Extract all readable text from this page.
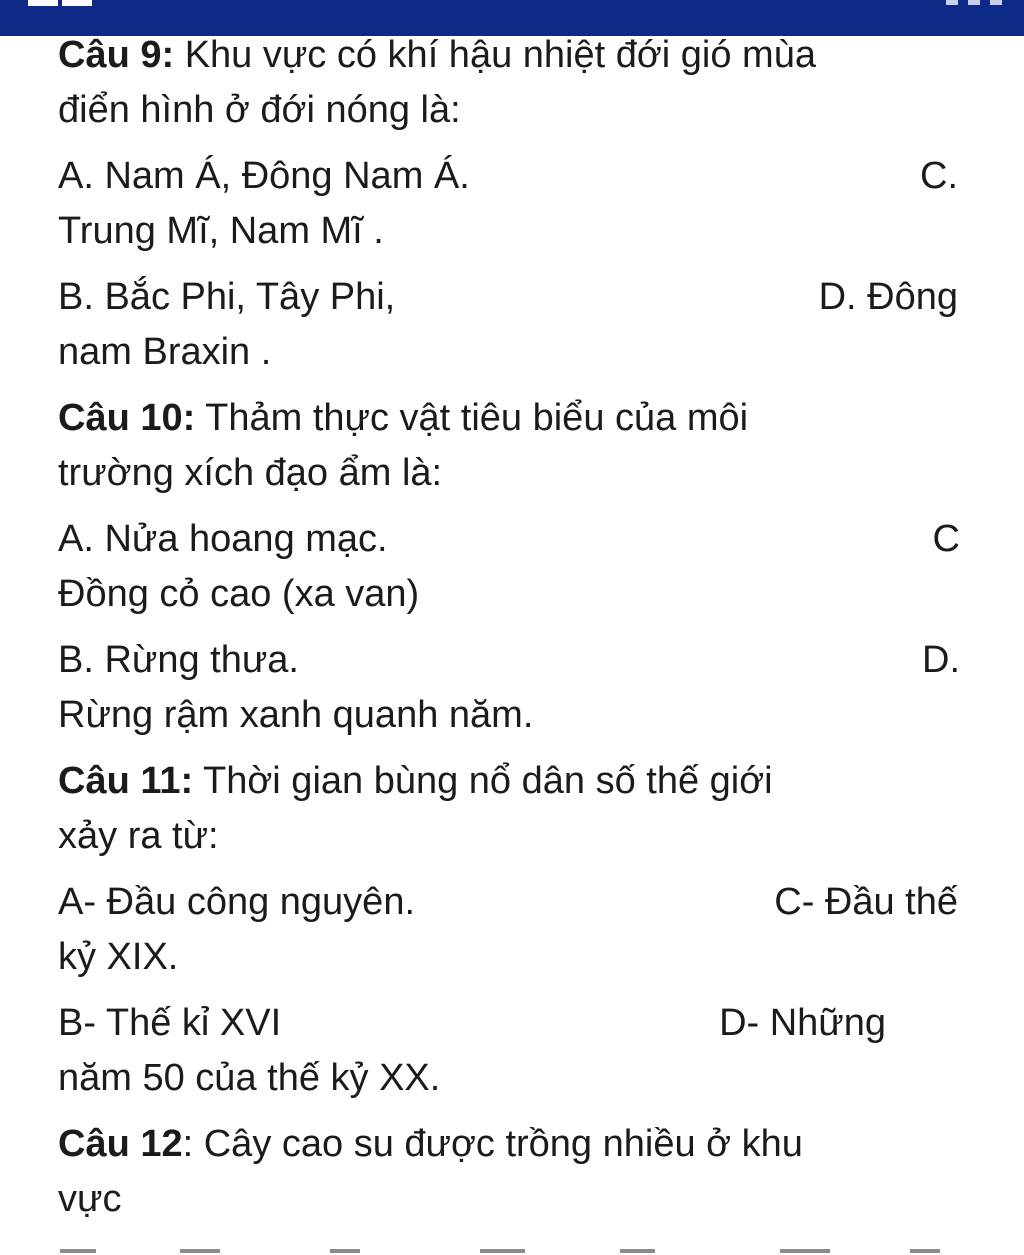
Câu 9: Khu vực có khí hậu nhiệt đới gió mùa
điển hình ở đới nóng là:
A. Nam Á, Đông Nam Á.	C.
Trung Mĩ, Nam Mĩ .
B. Bắc Phi, Tây Phi,	D. Đông
nam Braxin .
Câu 10: Thảm thực vật tiêu biểu của môi
trường xích đạo ẩm là:
A. Nửa hoang mạc.	C
Đồng cỏ cao (xa van)
B. Rừng thưa.	D.
Rừng rậm xanh quanh năm.
Câu 11: Thời gian bùng nổ dân số thế giới
xảy ra từ:
A- Đầu công nguyên.	C- Đầu thế
kỷ XIX.
B- Thế kỉ XVI	D- Những
năm 50 của thế kỷ XX.
Câu 12: Cây cao su được trồng nhiều ở khu
vực
